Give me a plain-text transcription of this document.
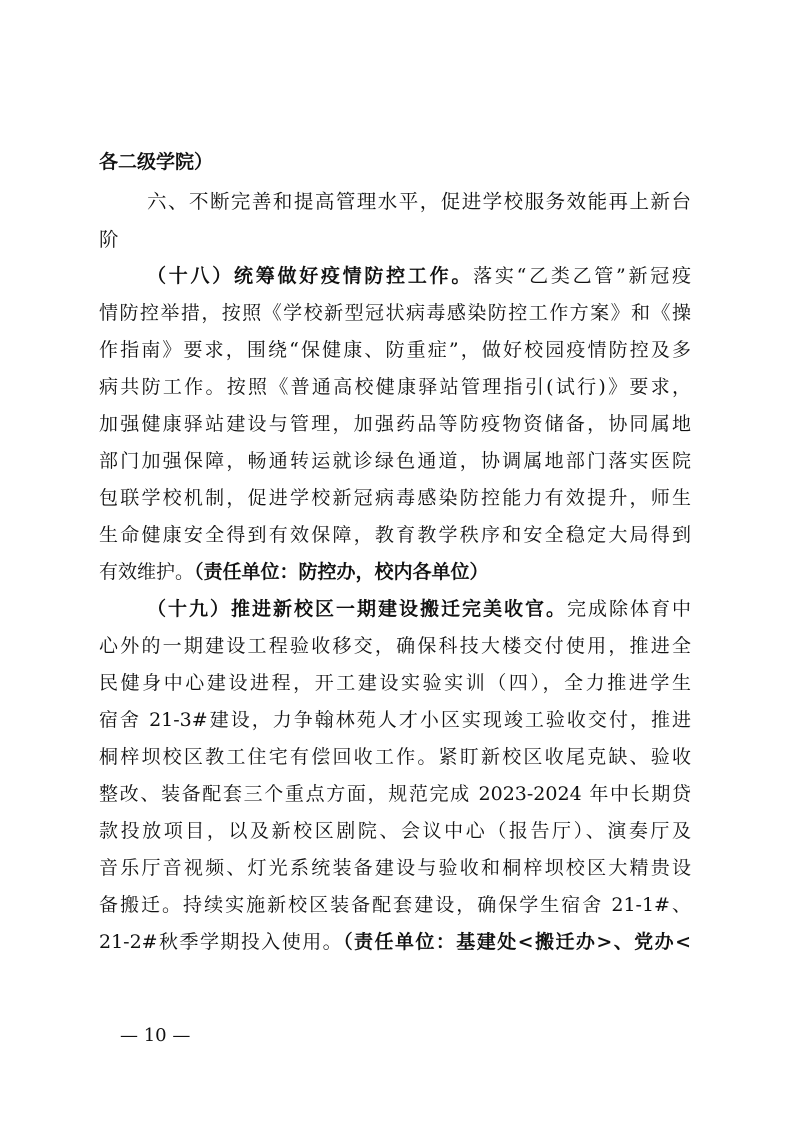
各二级学院）
六、不断完善和提高管理水平，促进学校服务效能再上新台
阶
（十八）统筹做好疫情防控工作。落实“乙类乙管”新冠疫
情防控举措，按照《学校新型冠状病毒感染防控工作方案》和《操
作指南》要求，围绕“保健康、防重症”，做好校园疫情防控及多
病共防工作。按照《普通高校健康驿站管理指引(试行)》要求，
加强健康驿站建设与管理，加强药品等防疫物资储备，协同属地
部门加强保障，畅通转运就诊绿色通道，协调属地部门落实医院
包联学校机制，促进学校新冠病毒感染防控能力有效提升，师生
生命健康安全得到有效保障，教育教学秩序和安全稳定大局得到
有效维护。（责任单位：防控办，校内各单位）
（十九）推进新校区一期建设搬迁完美收官。完成除体育中
心外的一期建设工程验收移交，确保科技大楼交付使用，推进全
民健身中心建设进程，开工建设实验实训（四），全力推进学生
宿舍 21-3#建设，力争翰林苑人才小区实现竣工验收交付，推进
桐梓坝校区教工住宅有偿回收工作。紧盯新校区收尾克缺、验收
整改、装备配套三个重点方面，规范完成 2023-2024 年中长期贷
款投放项目，以及新校区剧院、会议中心（报告厅）、演奏厅及
音乐厅音视频、灯光系统装备建设与验收和桐梓坝校区大精贵设
备搬迁。持续实施新校区装备配套建设，确保学生宿舍 21-1#、
21-2#秋季学期投入使用。（责任单位：基建处<搬迁办>、党办<
— 10 —
